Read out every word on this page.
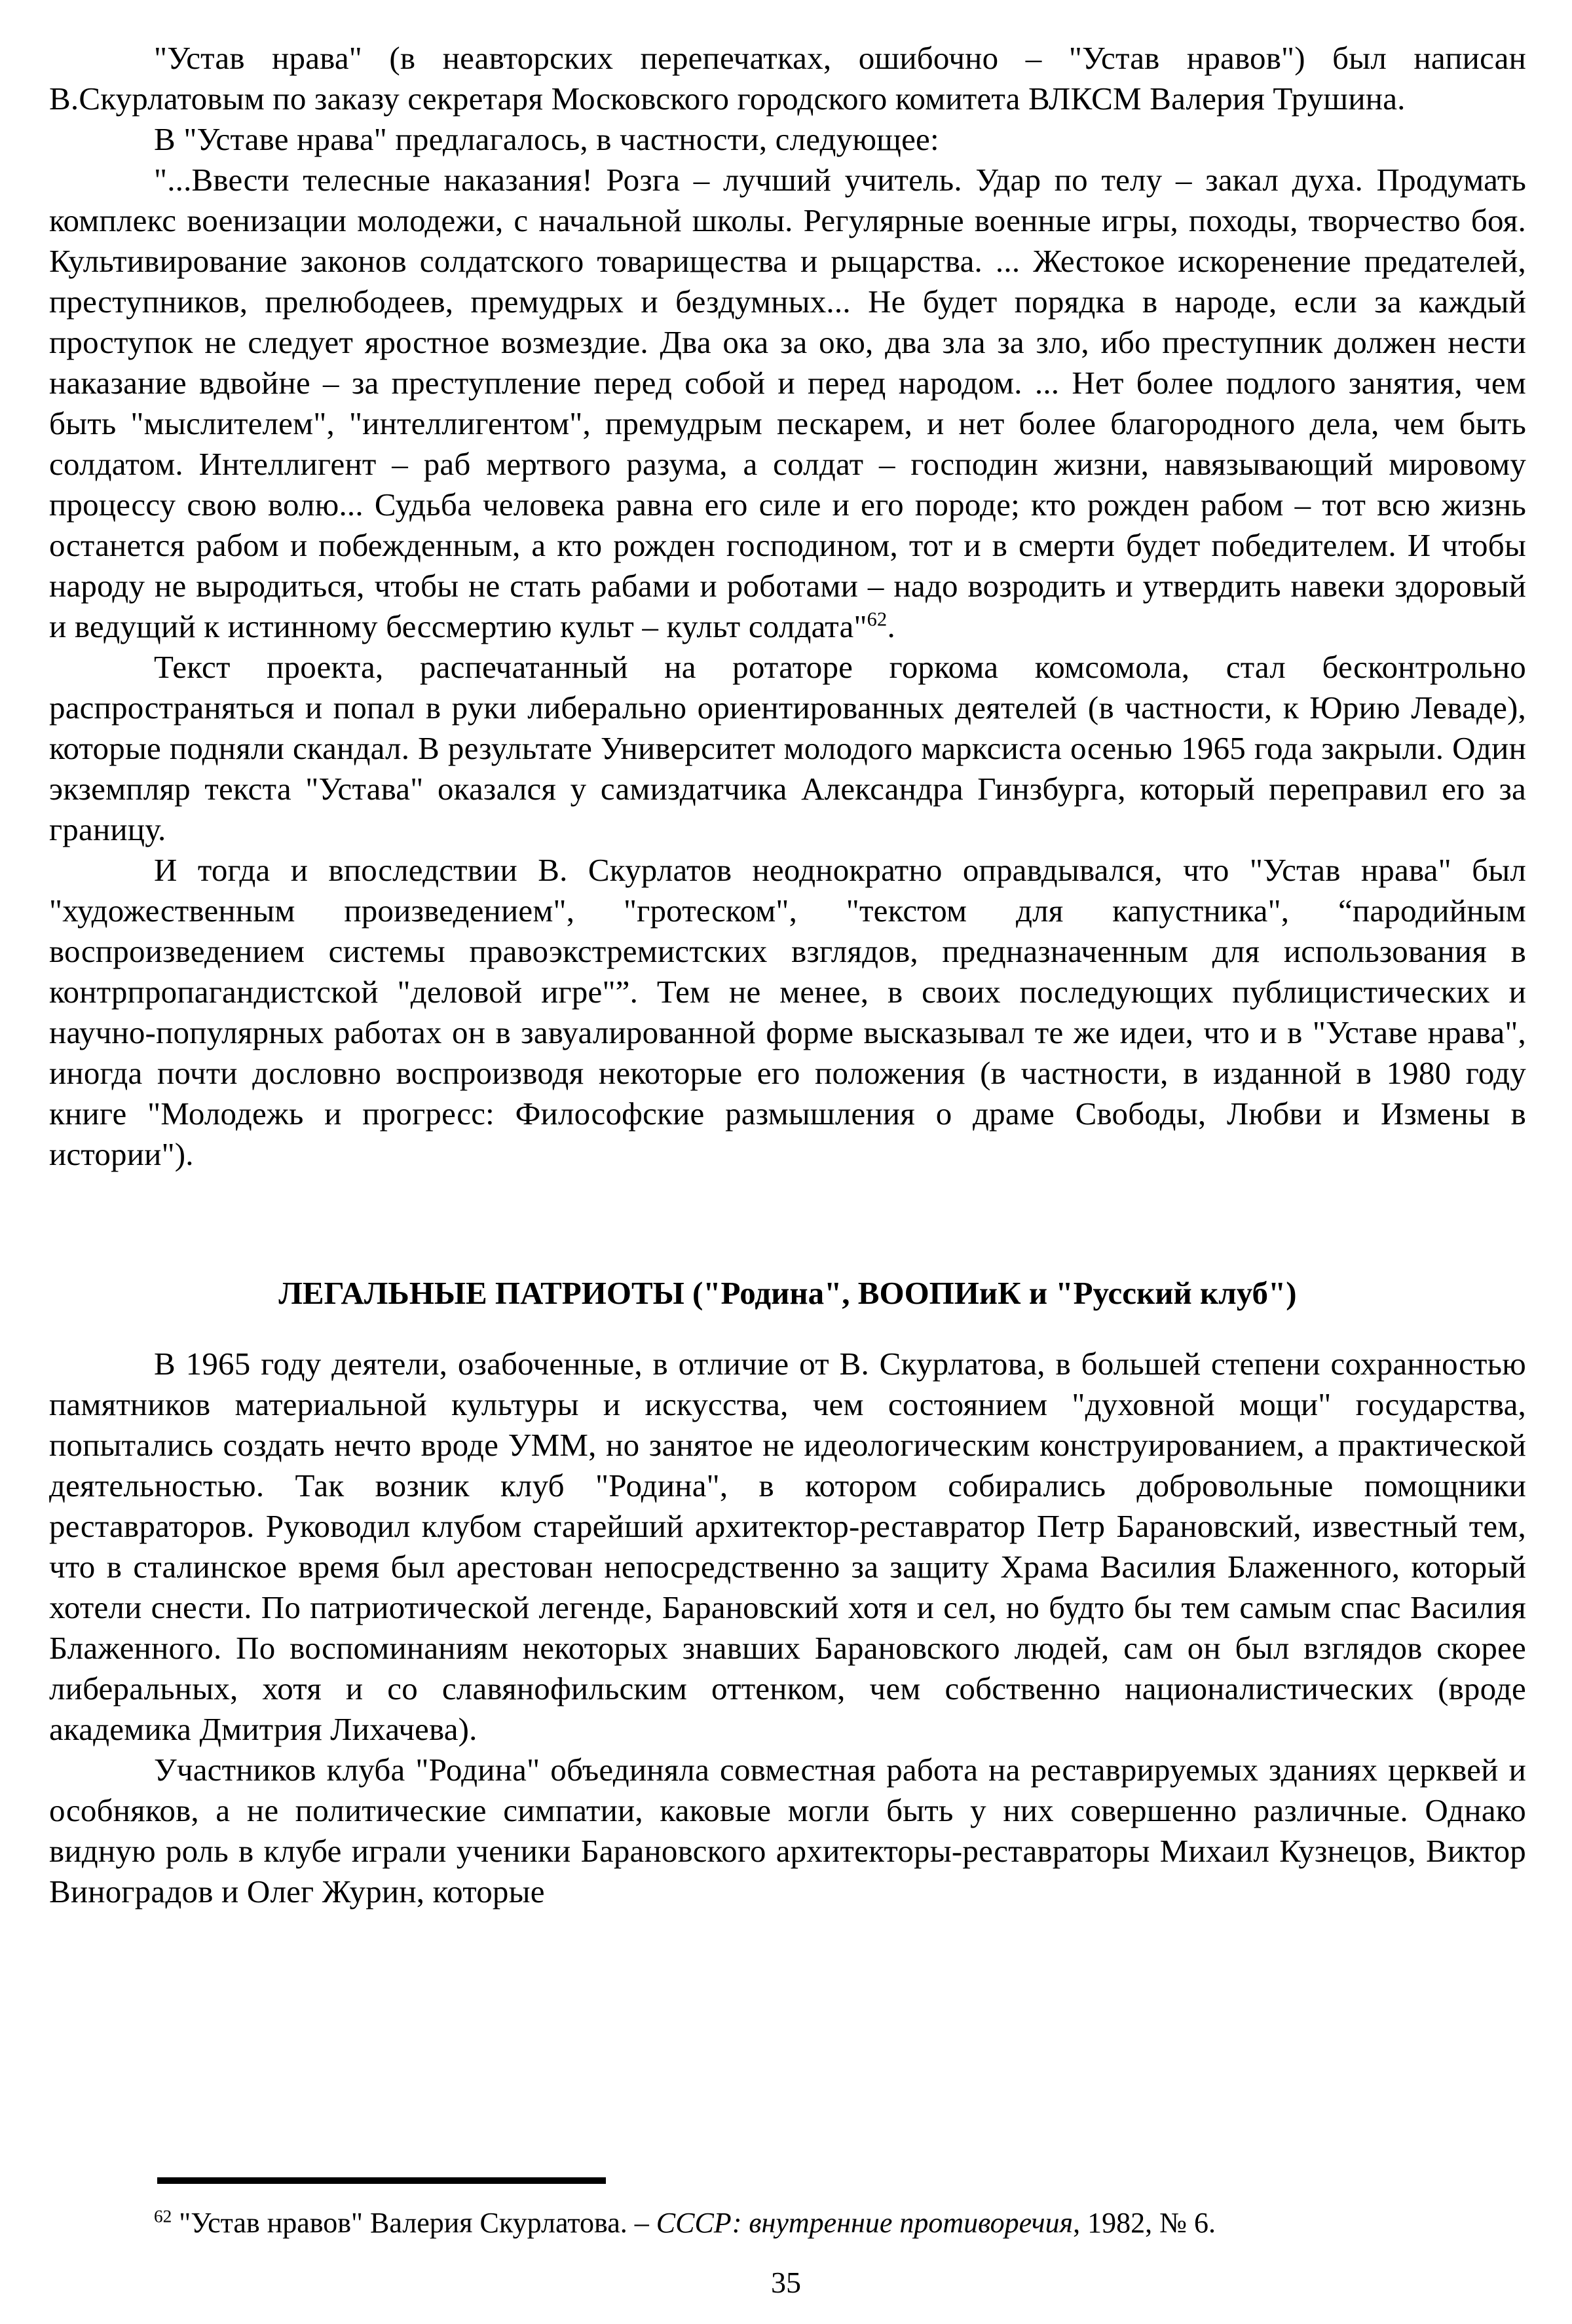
"Устав нрава" (в неавторских перепечатках, ошибочно – "Устав нравов") был написан В.Скурлатовым по заказу секретаря Московского городского комитета ВЛКСМ Валерия Трушина.

В "Уставе нрава" предлагалось, в частности, следующее:

"...Ввести телесные наказания! Розга – лучший учитель. Удар по телу – закал духа. Продумать комплекс военизации молодежи, с начальной школы. Регулярные военные игры, походы, творчество боя. Культивирование законов солдатского товарищества и рыцарства. ... Жестокое искоренение предателей, преступников, прелюбодеев, премудрых и бездумных... Не будет порядка в народе, если за каждый проступок не следует яростное возмездие. Два ока за око, два зла за зло, ибо преступник должен нести наказание вдвойне – за преступление перед собой и перед народом. ... Нет более подлого занятия, чем быть "мыслителем", "интеллигентом", премудрым пескарем, и нет более благородного дела, чем быть солдатом. Интеллигент – раб мертвого разума, а солдат – господин жизни, навязывающий мировому процессу свою волю... Судьба человека равна его силе и его породе; кто рожден рабом – тот всю жизнь останется рабом и побежденным, а кто рожден господином, тот и в смерти будет победителем. И чтобы народу не выродиться, чтобы не стать рабами и роботами – надо возродить и утвердить навеки здоровый и ведущий к истинному бессмертию культ – культ солдата"$^{62}$.

Текст проекта, распечатанный на ротаторе горкома комсомола, стал бесконтрольно распространяться и попал в руки либерально ориентированных деятелей (в частности, к Юрию Леваде), которые подняли скандал. В результате Университет молодого марксиста осенью 1965 года закрыли. Один экземпляр текста "Устава" оказался у самиздатчика Александра Гинзбурга, который переправил его за границу.

И тогда и впоследствии В. Скурлатов неоднократно оправдывался, что "Устав нрава" был "художественным произведением", "гротеском", "текстом для капустника", “пародийным воспроизведением системы правоэкстремистских взглядов, предназначенным для использования в контрпропагандистской "деловой игре"”. Тем не менее, в своих последующих публицистических и научно-популярных работах он в завуалированной форме высказывал те же идеи, что и в "Уставе нрава", иногда почти дословно воспроизводя некоторые его положения (в частности, в изданной в 1980 году книге "Молодежь и прогресс: Философские размышления о драме Свободы, Любви и Измены в истории").

ЛЕГАЛЬНЫЕ ПАТРИОТЫ ("Родина", ВООПИиК и "Русский клуб")

В 1965 году деятели, озабоченные, в отличие от В. Скурлатова, в большей степени сохранностью памятников материальной культуры и искусства, чем состоянием "духовной мощи" государства, попытались создать нечто вроде УММ, но занятое не идеологическим конструированием, а практической деятельностью. Так возник клуб "Родина", в котором собирались добровольные помощники реставраторов. Руководил клубом старейший архитектор-реставратор Петр Барановский, известный тем, что в сталинское время был арестован непосредственно за защиту Храма Василия Блаженного, который хотели снести. По патриотической легенде, Барановский хотя и сел, но будто бы тем самым спас Василия Блаженного. По воспоминаниям некоторых знавших Барановского людей, сам он был взглядов скорее либеральных, хотя и со славянофильским оттенком, чем собственно националистических (вроде академика Дмитрия Лихачева).

Участников клуба "Родина" объединяла совместная работа на реставрируемых зданиях церквей и особняков, а не политические симпатии, каковые могли быть у них совершенно различные. Однако видную роль в клубе играли ученики Барановского архитекторы-реставраторы Михаил Кузнецов, Виктор Виноградов и Олег Журин, которые

$^{62}$ "Устав нравов" Валерия Скурлатова. – СССР: внутренние противоречия, 1982, № 6.

35
